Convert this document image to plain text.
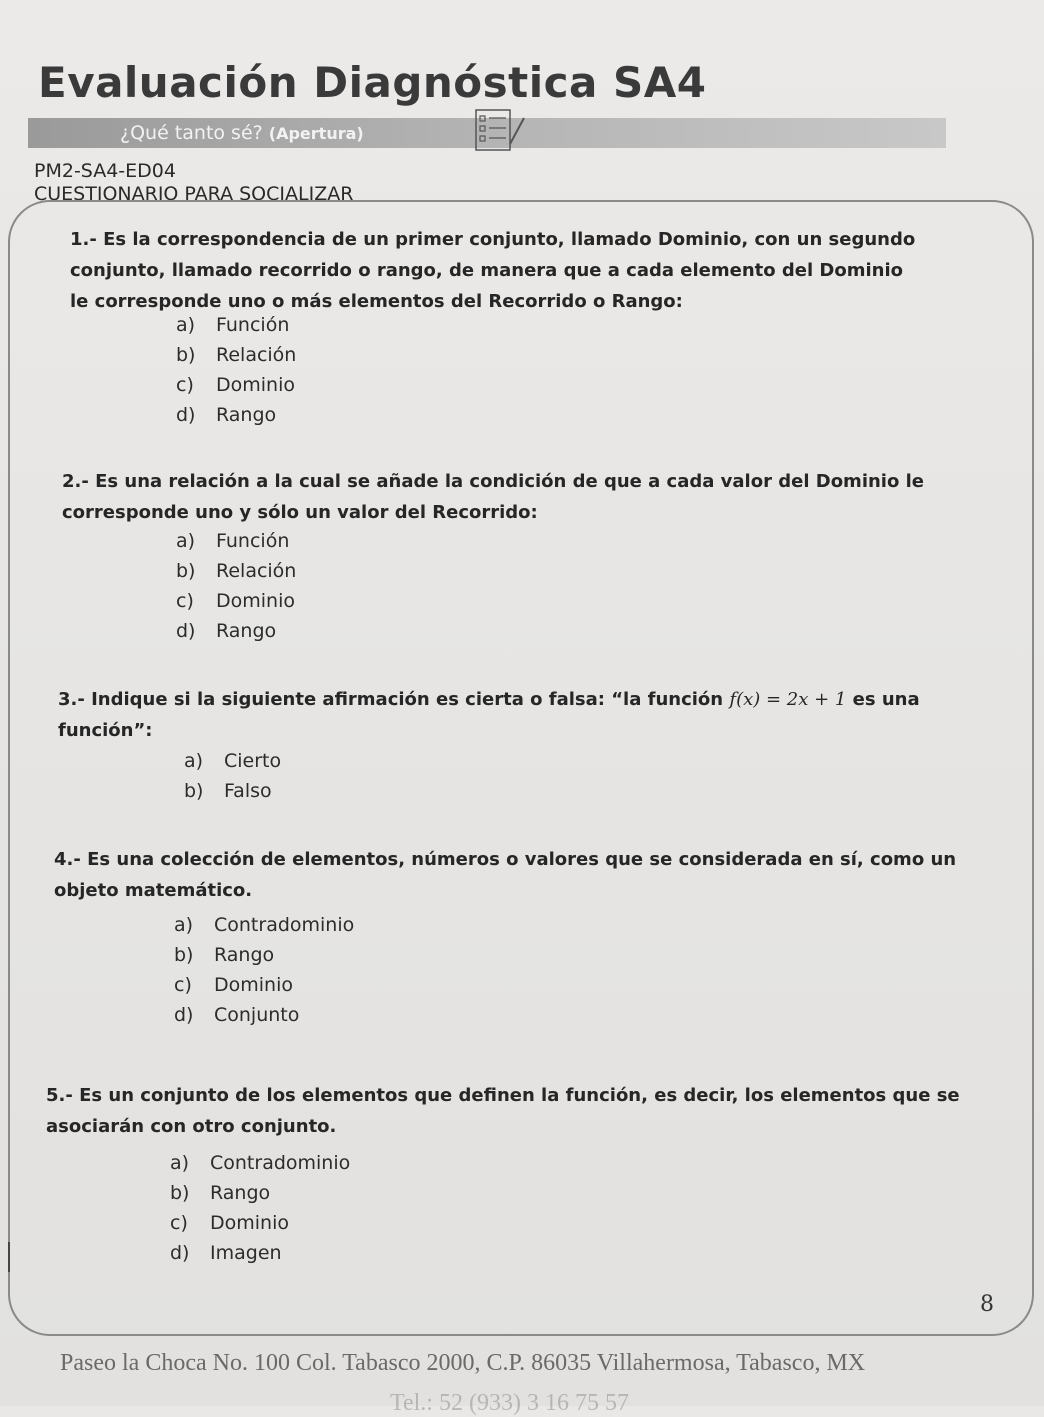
Evaluación Diagnóstica SA4
¿Qué tanto sé? (Apertura)
PM2-SA4-ED04
CUESTIONARIO PARA SOCIALIZAR
1.- Es la correspondencia de un primer conjunto, llamado Dominio, con un segundo conjunto, llamado recorrido o rango, de manera que a cada elemento del Dominio le corresponde uno o más elementos del Recorrido o Rango:
a) Función
b) Relación
c) Dominio
d) Rango
2.- Es una relación a la cual se añade la condición de que a cada valor del Dominio le corresponde uno y sólo un valor del Recorrido:
a) Función
b) Relación
c) Dominio
d) Rango
3.- Indique si la siguiente afirmación es cierta o falsa: “la función f(x) = 2x + 1 es una función”:
a) Cierto
b) Falso
4.- Es una colección de elementos, números o valores que se considerada en sí, como un objeto matemático.
a) Contradominio
b) Rango
c) Dominio
d) Conjunto
5.- Es un conjunto de los elementos que definen la función, es decir, los elementos que se asociarán con otro conjunto.
a) Contradominio
b) Rango
c) Dominio
d) Imagen
8
Paseo la Choca No. 100 Col. Tabasco 2000, C.P. 86035 Villahermosa, Tabasco, MX
Tel.: 52 (933) 3 16 75 57
